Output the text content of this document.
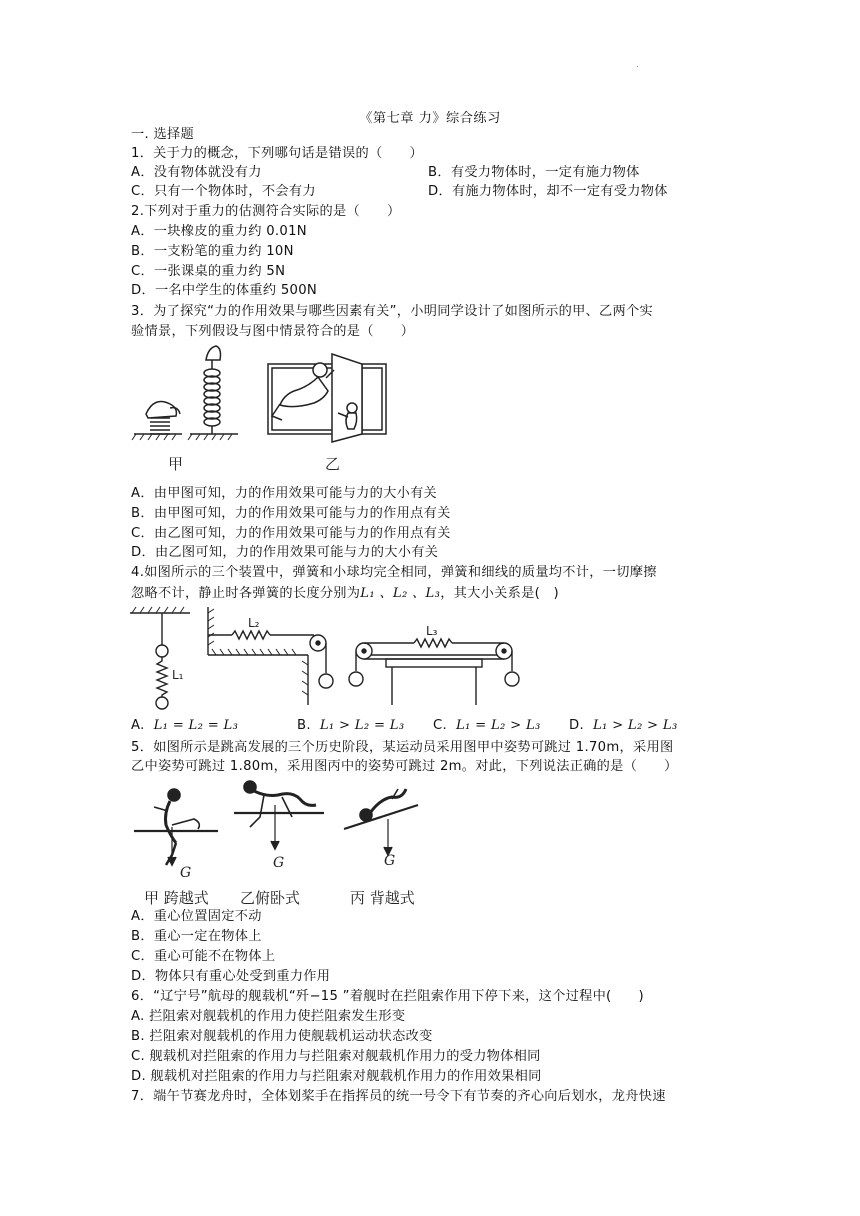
.
《第七章 力》综合练习
一. 选择题
1．关于力的概念，下列哪句话是错误的（　　）
A．没有物体就没有力	B．有受力物体时，一定有施力物体
C．只有一个物体时，不会有力	D．有施力物体时，却不一定有受力物体
2.下列对于重力的估测符合实际的是（　　）
A．一块橡皮的重力约 0.01N
B．一支粉笔的重力约 10N
C．一张课桌的重力约 5N
D．一名中学生的体重约 500N
3．为了探究“力的作用效果与哪些因素有关”，小明同学设计了如图所示的甲、乙两个实
验情景，下列假设与图中情景符合的是（　　）
甲	乙
A．由甲图可知，力的作用效果可能与力的大小有关
B．由甲图可知，力的作用效果可能与力的作用点有关
C．由乙图可知，力的作用效果可能与力的作用点有关
D．由乙图可知，力的作用效果可能与力的大小有关
4.如图所示的三个装置中，弹簧和小球均完全相同，弹簧和细线的质量均不计，一切摩擦
忽略不计，静止时各弹簧的长度分别为L₁ 、L₂ 、L₃，其大小关系是(　)
L₁
L₂
L₃
A. L₁ = L₂ = L₃	B. L₁ > L₂ = L₃ C. L₁ = L₂ > L₃ D. L₁ > L₂ > L₃
5．如图所示是跳高发展的三个历史阶段，某运动员采用图甲中姿势可跳过 1.70m，采用图
乙中姿势可跳过 1.80m，采用图丙中的姿势可跳过 2m。对此，下列说法正确的是（　　）
G
G	G
甲 跨越式 乙俯卧式	丙 背越式
A．重心位置固定不动
B．重心一定在物体上
C．重心可能不在物体上
D．物体只有重心处受到重力作用
6．“辽宁号”航母的舰载机“歼−15 ”着舰时在拦阻索作用下停下来，这个过程中(　　)
A. 拦阻索对舰载机的作用力使拦阻索发生形变
B. 拦阻索对舰载机的作用力使舰载机运动状态改变
C. 舰载机对拦阻索的作用力与拦阻索对舰载机作用力的受力物体相同
D. 舰载机对拦阻索的作用力与拦阻索对舰载机作用力的作用效果相同
7．端午节赛龙舟时，全体划桨手在指挥员的统一号令下有节奏的齐心向后划水，龙舟快速
